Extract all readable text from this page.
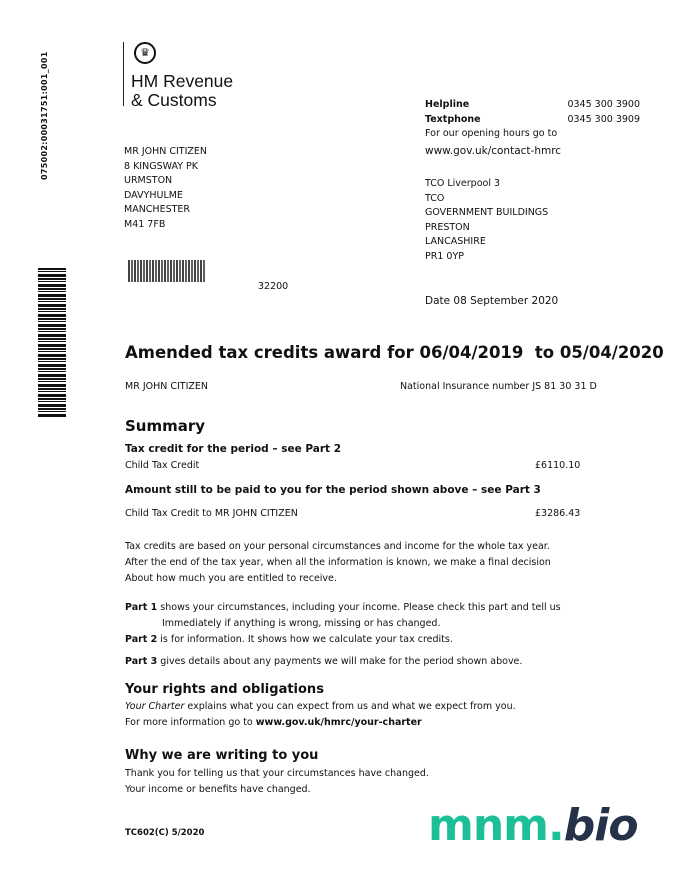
075002:00031751:001_001	♛
HM Revenue
& Customs
MR JOHN CITIZEN
8 KINGSWAY PK
URMSTON
DAVYHULME
MANCHESTER
M41 7FB
32200
Helpline	0345 300 3900
Textphone	0345 300 3909
For our opening hours go to
www.gov.uk/contact-hmrc
TCO Liverpool 3
TCO
GOVERNMENT BUILDINGS
PRESTON
LANCASHIRE
PR1 0YP
Date 08 September 2020
Amended tax credits award for 06/04/2019  to 05/04/2020
MR JOHN CITIZEN	National Insurance number JS 81 30 31 D
Summary
Tax credit for the period – see Part 2
Child Tax Credit	£6110.10
Amount still to be paid to you for the period shown above – see Part 3
Child Tax Credit to MR JOHN CITIZEN	£3286.43
Tax credits are based on your personal circumstances and income for the whole tax year.
After the end of the tax year, when all the information is known, we make a final decision
About how much you are entitled to receive.
Part 1 shows your circumstances, including your income. Please check this part and tell us
Immediately if anything is wrong, missing or has changed.
Part 2 is for information. It shows how we calculate your tax credits.
Part 3 gives details about any payments we will make for the period shown above.
Your rights and obligations
Your Charter explains what you can expect from us and what we expect from you.
For more information go to www.gov.uk/hmrc/your-charter
Why we are writing to you
Thank you for telling us that your circumstances have changed.
Your income or benefits have changed.
TC602(C) 5/2020	mnm.bio
